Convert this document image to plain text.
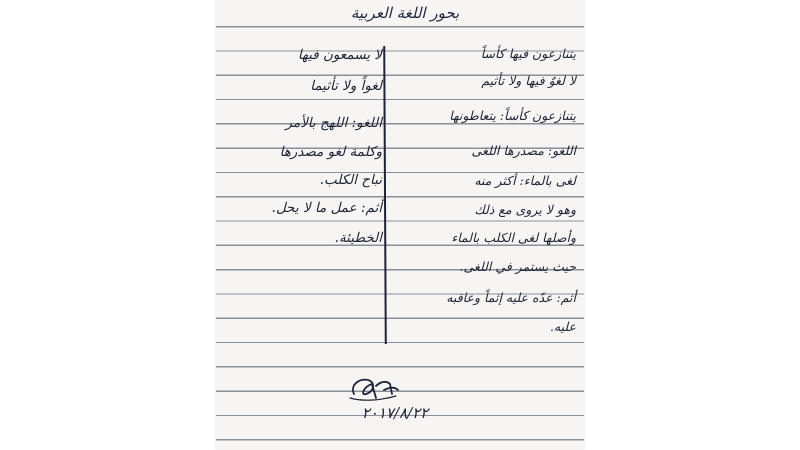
بحور اللغة العربية
يتنازعون فيها كأساً
لا لغوٌ فيها ولا تأثيم
يتنازعون كأساً: يتعاطونها
اللغو: مصدرها اللغى
لغى بالماء: أكثر منه
وهو لا يروى مع ذلك
وأصلها لغى الكلب بالماء
حيث يستمر في اللغى.
أثم: عدّه عليه إثماً وعاقبه
عليه.
لا يسمعون فيها
لغواً ولا تأثيما
اللغو: اللهج بالأمر
وكلمة لغو مصدرها
نباح الكلب.
أثم: عمل ما لا يحل.
الخطيئة.
٢٠١٧/٨/٢٢
